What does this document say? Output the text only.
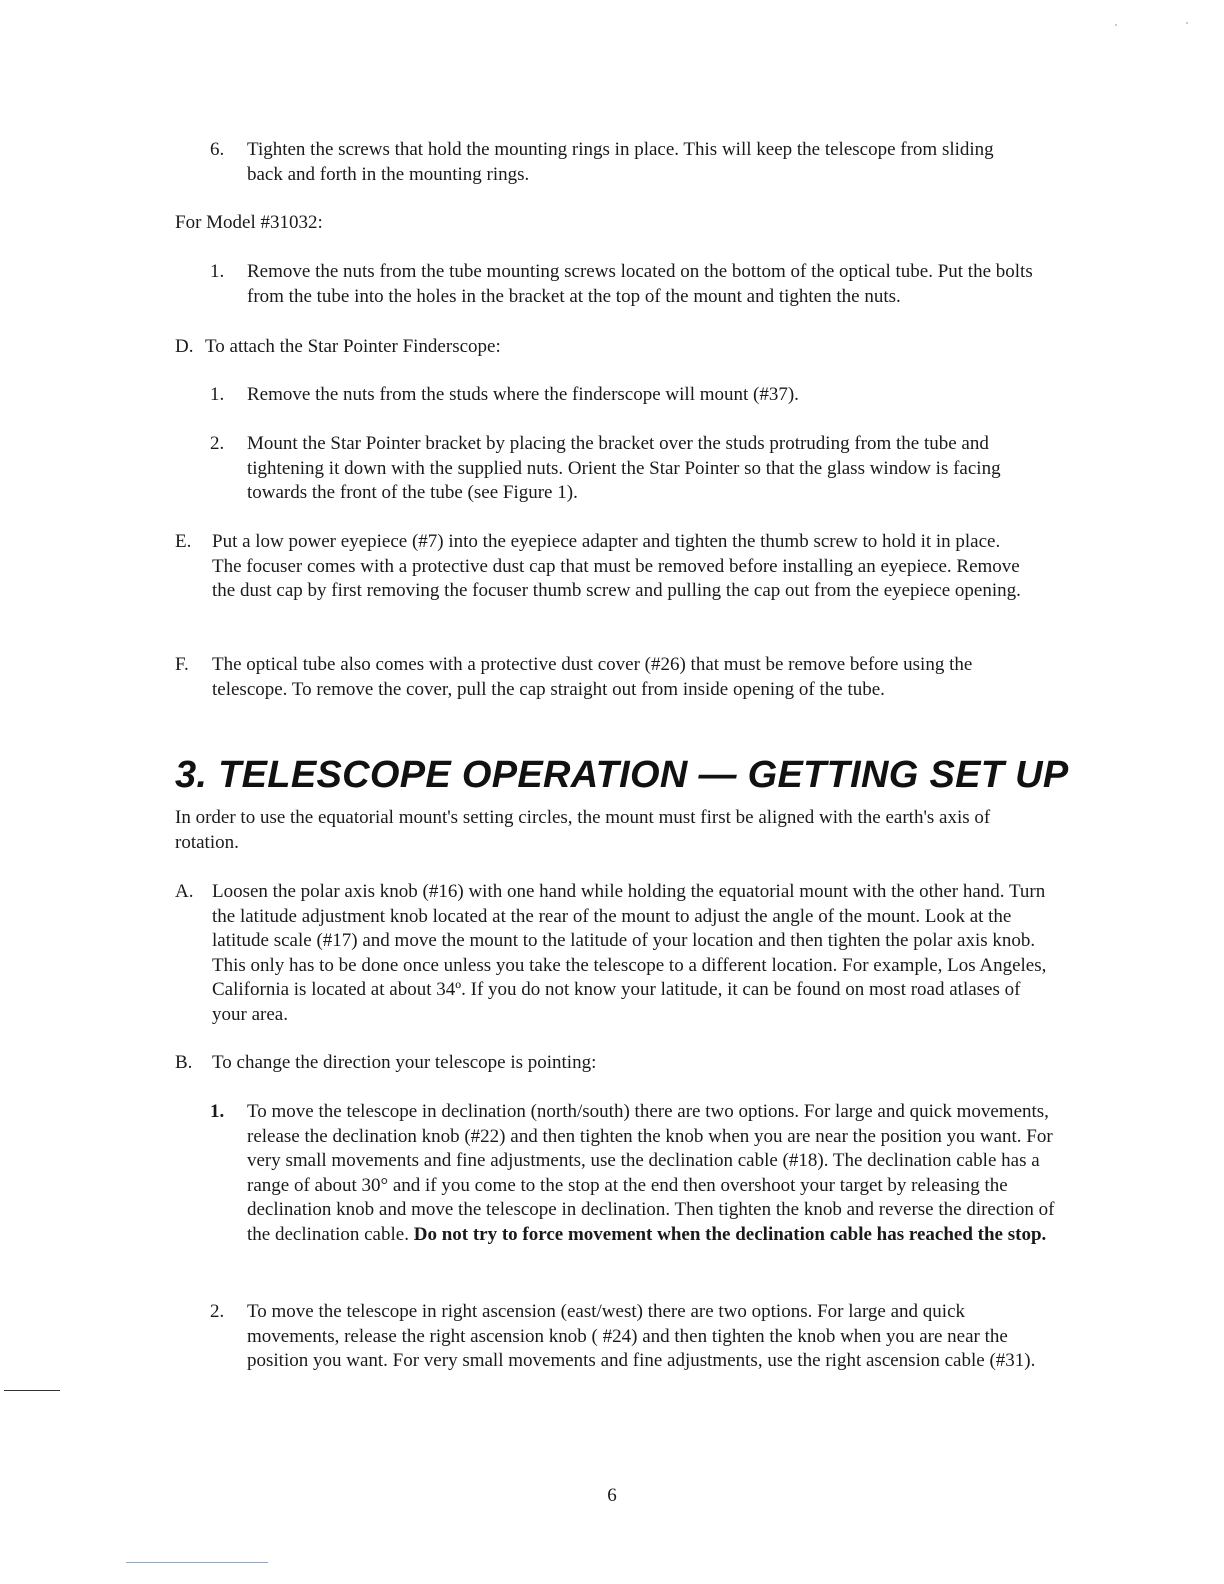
6. Tighten the screws that hold the mounting rings in place. This will keep the telescope from sliding back and forth in the mounting rings.

For Model #31032:

1. Remove the nuts from the tube mounting screws located on the bottom of the optical tube. Put the bolts from the tube into the holes in the bracket at the top of the mount and tighten the nuts.
D. To attach the Star Pointer Finderscope:
1. Remove the nuts from the studs where the finderscope will mount (#37).
2. Mount the Star Pointer bracket by placing the bracket over the studs protruding from the tube and tightening it down with the supplied nuts. Orient the Star Pointer so that the glass window is facing towards the front of the tube (see Figure 1).
E. Put a low power eyepiece (#7) into the eyepiece adapter and tighten the thumb screw to hold it in place. The focuser comes with a protective dust cap that must be removed before installing an eyepiece. Remove the dust cap by first removing the focuser thumb screw and pulling the cap out from the eyepiece opening.
F. The optical tube also comes with a protective dust cover (#26) that must be remove before using the telescope. To remove the cover, pull the cap straight out from inside opening of the tube.
3. TELESCOPE OPERATION — GETTING SET UP

In order to use the equatorial mount's setting circles, the mount must first be aligned with the earth's axis of rotation.

A. Loosen the polar axis knob (#16) with one hand while holding the equatorial mount with the other hand. Turn the latitude adjustment knob located at the rear of the mount to adjust the angle of the mount. Look at the latitude scale (#17) and move the mount to the latitude of your location and then tighten the polar axis knob. This only has to be done once unless you take the telescope to a different location. For example, Los Angeles, California is located at about 34º. If you do not know your latitude, it can be found on most road atlases of your area.
B. To change the direction your telescope is pointing:
1. To move the telescope in declination (north/south) there are two options. For large and quick movements, release the declination knob (#22) and then tighten the knob when you are near the position you want. For very small movements and fine adjustments, use the declination cable (#18). The declination cable has a range of about 30° and if you come to the stop at the end then overshoot your target by releasing the declination knob and move the telescope in declination. Then tighten the knob and reverse the direction of the declination cable. Do not try to force movement when the declination cable has reached the stop.
2. To move the telescope in right ascension (east/west) there are two options. For large and quick movements, release the right ascension knob ( #24) and then tighten the knob when you are near the position you want. For very small movements and fine adjustments, use the right ascension cable (#31).
6
